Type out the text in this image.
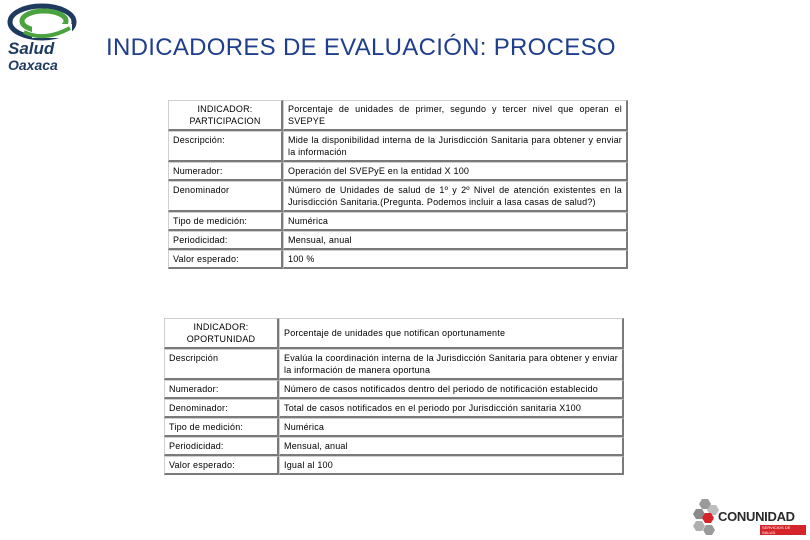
Salud
Oaxaca
INDICADORES DE EVALUACIÓN: PROCESO
INDICADOR: PARTICIPACION	Porcentaje de unidades de primer, segundo y tercer nivel que operan el SVEPYE
Descripción:	Mide la disponibilidad interna de la Jurisdicción Sanitaria para obtener y enviar la información
Numerador:	Operación del SVEPyE en la entidad X 100
Denominador	Número de Unidades de salud de 1º y 2º Nivel de atención existentes en la Jurisdicción Sanitaria.(Pregunta. Podemos incluir a lasa casas de salud?)
Tipo de medición:	Numérica
Periodicidad:	Mensual, anual
Valor esperado:	100 %
INDICADOR: OPORTUNIDAD	Porcentaje de unidades que notifican oportunamente
Descripción	Evalúa la coordinación interna de la Jurisdicción Sanitaria para obtener y enviar la información de manera oportuna
Numerador:	Número de casos notificados dentro del periodo de notificación establecido
Denominador:	Total de casos notificados en el periodo por Jurisdicción sanitaria X100
Tipo de medición:	Numérica
Periodicidad:	Mensual, anual
Valor esperado:	Igual al 100
CONUNIDAD
SERVICIOS DE SALUD
